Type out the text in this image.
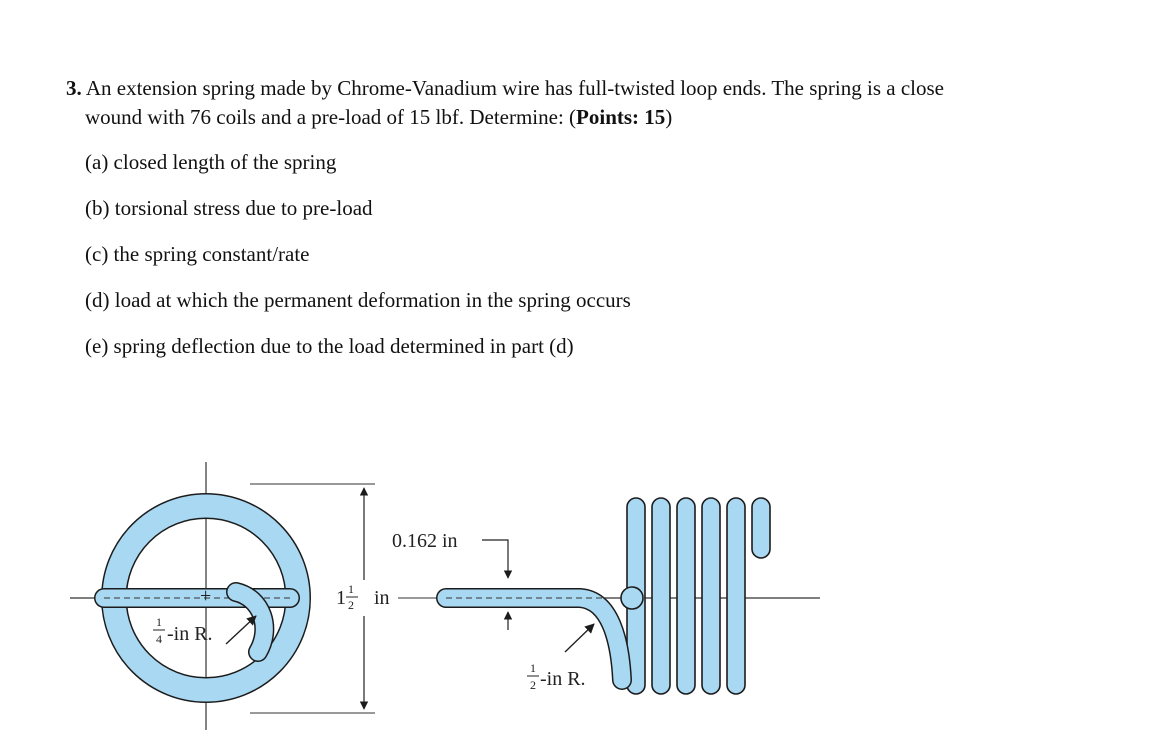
3. An extension spring made by Chrome-Vanadium wire has full-twisted loop ends. The spring is a close
wound with 76 coils and a pre-load of 15 lbf. Determine: (Points: 15)

(a) closed length of the spring
(b) torsional stress due to pre-load
(c) the spring constant/rate
(d) load at which the permanent deformation in the spring occurs
(e) spring deflection due to the load determined in part (d)
+
1
4 -in R.
1 1
2 in
0.162 in
1
2 -in R.
